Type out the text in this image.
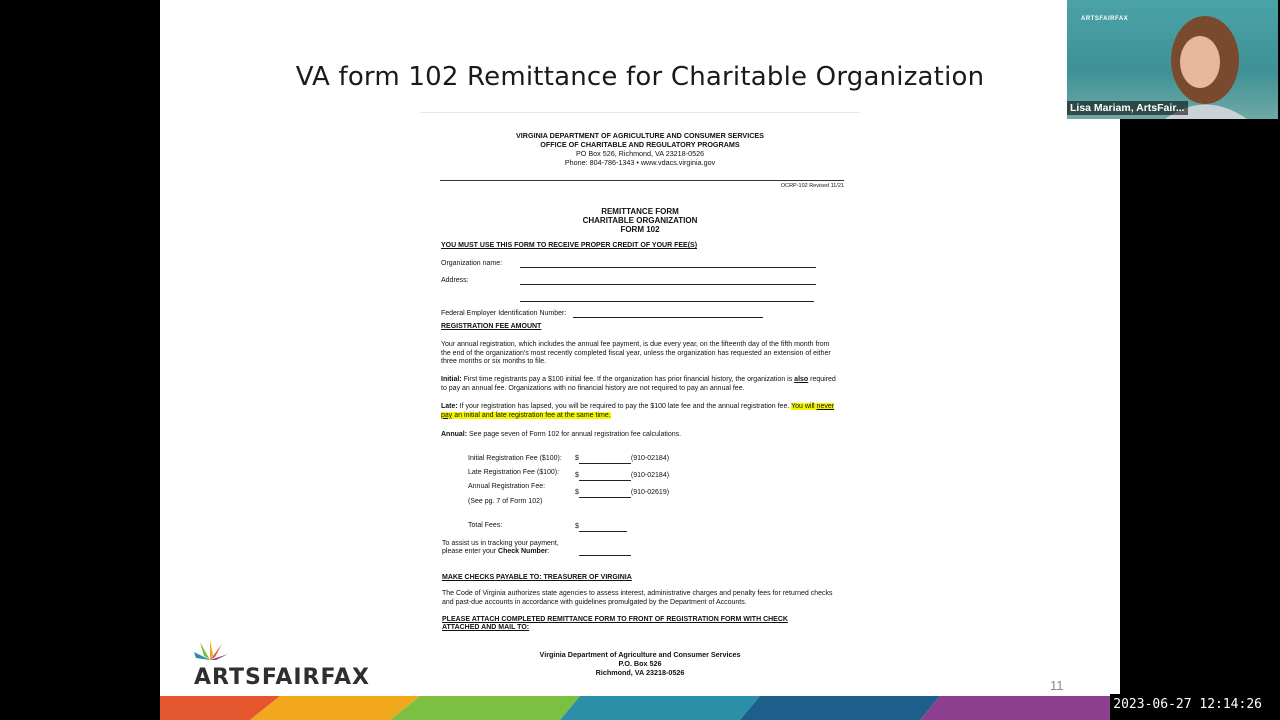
VA form 102 Remittance for Charitable Organization
VIRGINIA DEPARTMENT OF AGRICULTURE AND CONSUMER SERVICES
OFFICE OF CHARITABLE AND REGULATORY PROGRAMS
PO Box 526, Richmond, VA 23218-0526
Phone: 804-786-1343 • www.vdacs.virginia.gov
OCRP-102 Revised 11/21
REMITTANCE FORM
CHARITABLE ORGANIZATION
FORM 102
YOU MUST USE THIS FORM TO RECEIVE PROPER CREDIT OF YOUR FEE(S)
Organization name:
Address:
Federal Employer Identification Number:
REGISTRATION FEE AMOUNT
Your annual registration, which includes the annual fee payment, is due every year, on the fifteenth day of the fifth month from the end of the organization's most recently completed fiscal year, unless the organization has requested an extension of either three months or six months to file.
Initial: First time registrants pay a $100 initial fee. If the organization has prior financial history, the organization is also required to pay an annual fee. Organizations with no financial history are not required to pay an annual fee.
Late: If your registration has lapsed, you will be required to pay the $100 late fee and the annual registration fee. You will never pay an initial and late registration fee at the same time.
Annual: See page seven of Form 102 for annual registration fee calculations.
Initial Registration Fee ($100): $	(910-02184)
Late Registration Fee ($100): $	(910-02184)
Annual Registration Fee:
$	(910-02619)
(See pg. 7 of Form 102)
Total Fees:	$
To assist us in tracking your payment,
please enter your Check Number:
MAKE CHECKS PAYABLE TO: TREASURER OF VIRGINIA
The Code of Virginia authorizes state agencies to assess interest, administrative charges and penalty fees for returned checks and past-due accounts in accordance with guidelines promulgated by the Department of Accounts.
PLEASE ATTACH COMPLETED REMITTANCE FORM TO FRONT OF REGISTRATION FORM WITH CHECK
ATTACHED AND MAIL TO:
Virginia Department of Agriculture and Consumer Services
P.O. Box 526
Richmond, VA 23218-0526
11
ARTSFAIRFAX
ARTSFAIRFAX
Lisa Mariam, ArtsFair...
2023-06-27 12:14:26
